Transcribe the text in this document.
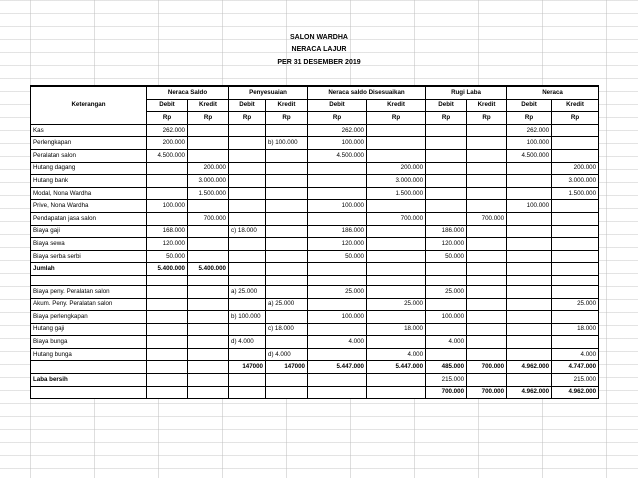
SALON WARDHA
NERACA LAJUR
PER 31 DESEMBER 2019
Keterangan	Neraca Saldo		Penyesuaian		Neraca saldo Disesuaikan		Rugi Laba		Neraca	
	Debit	Kredit	Debit	Kredit	Debit	Kredit	Debit	Kredit	Debit	Kredit
	Rp	Rp	Rp	Rp	Rp	Rp	Rp	Rp	Rp	Rp
Kas	262.000				262.000				262.000	
Perlengkapan	200.000			b) 100.000	100.000				100.000	
Peralatan salon	4.500.000				4.500.000				4.500.000	
Hutang dagang		200.000				200.000				200.000
Hutang bank		3.000.000				3.000.000				3.000.000
Modal, Nona Wardha		1.500.000				1.500.000				1.500.000
Prive, Nona Wardha	100.000				100.000				100.000	
Pendapatan jasa salon		700.000				700.000		700.000		
Biaya gaji	168.000		c) 18.000		186.000		186.000			
Biaya sewa	120.000				120.000		120.000			
Biaya serba serbi	50.000				50.000		50.000			
Jumlah	5.400.000	5.400.000								

Biaya peny. Peralatan salon			a) 25.000		25.000		25.000			
Akum. Peny. Peralatan salon				a) 25.000		25.000				25.000
Biaya perlengkapan			b) 100.000		100.000		100.000			
Hutang gaji				c) 18.000		18.000				18.000
Biaya bunga			d) 4.000		4.000		4.000			
Hutang bunga				d) 4.000		4.000				4.000
			147000	147000	5.447.000	5.447.000	485.000	700.000	4.962.000	4.747.000
Laba bersih							215.000			215.000
							700.000	700.000	4.962.000	4.962.000
